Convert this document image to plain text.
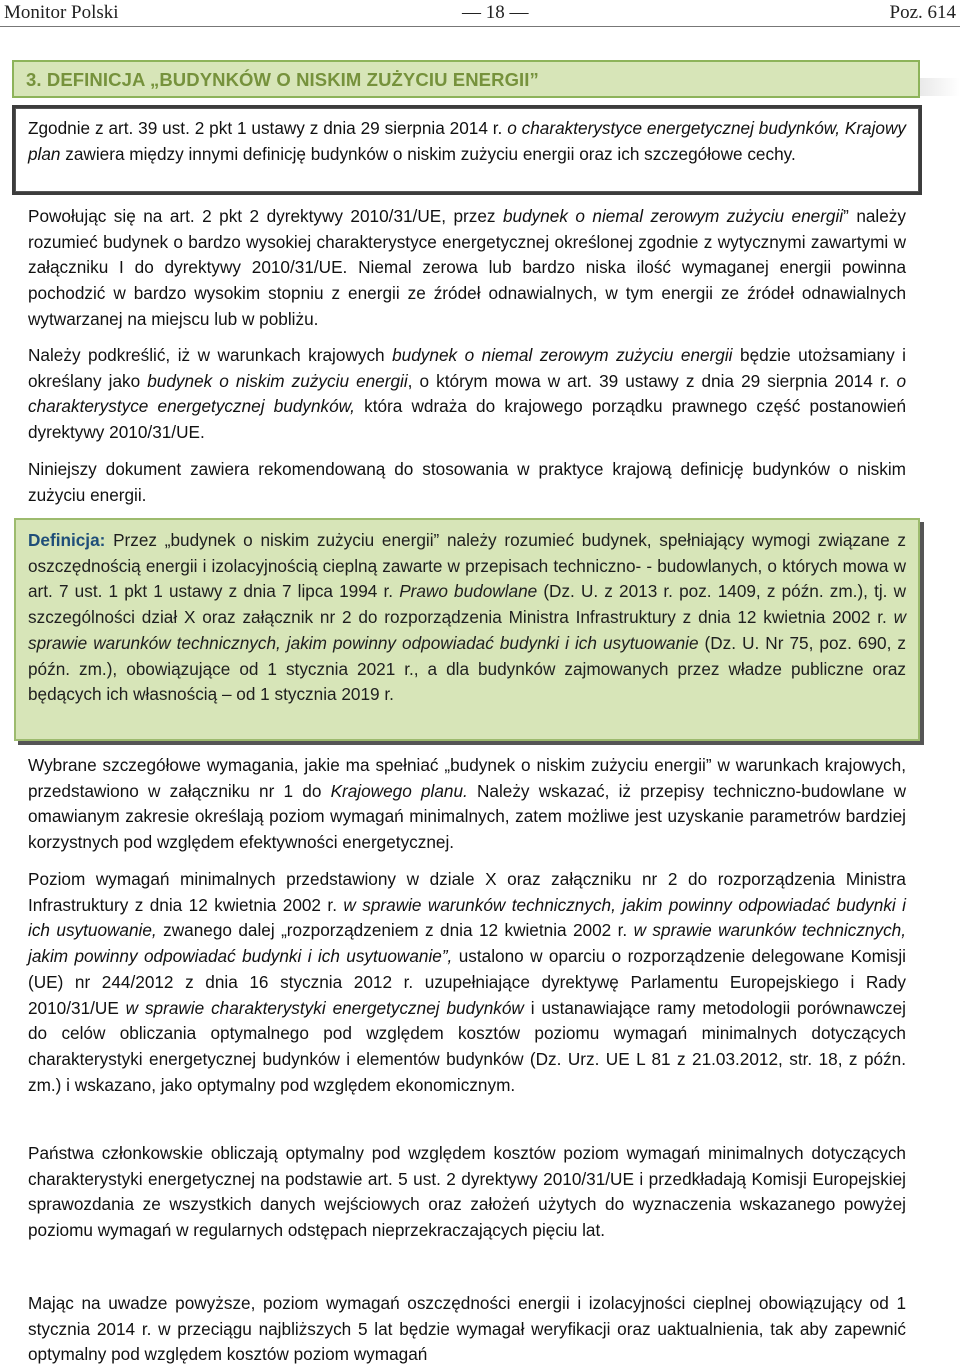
Monitor Polski	— 18 —	Poz. 614
3. DEFINICJA „BUDYNKÓW O NISKIM ZUŻYCIU ENERGII”
Zgodnie z art. 39 ust. 2 pkt 1 ustawy z dnia 29 sierpnia 2014 r. o charakterystyce energetycznej budynków, Krajowy plan zawiera między innymi definicję budynków o niskim zużyciu energii oraz ich szczegółowe cechy.
Powołując się na art. 2 pkt 2 dyrektywy 2010/31/UE, przez budynek o niemal zerowym zużyciu energii” należy rozumieć budynek o bardzo wysokiej charakterystyce energetycznej określonej zgodnie z wytycznymi zawartymi w załączniku I do dyrektywy 2010/31/UE. Niemal zerowa lub bardzo niska ilość wymaganej energii powinna pochodzić w bardzo wysokim stopniu z energii ze źródeł odnawialnych, w tym energii ze źródeł odnawialnych wytwarzanej na miejscu lub w pobliżu.
Należy podkreślić, iż w warunkach krajowych budynek o niemal zerowym zużyciu energii będzie utożsamiany i określany jako budynek o niskim zużyciu energii, o którym mowa w art. 39 ustawy z dnia 29 sierpnia 2014 r. o charakterystyce energetycznej budynków, która wdraża do krajowego porządku prawnego część postanowień dyrektywy 2010/31/UE.
Niniejszy dokument zawiera rekomendowaną do stosowania w praktyce krajową definicję budynków o niskim zużyciu energii.
Definicja: Przez „budynek o niskim zużyciu energii” należy rozumieć budynek, spełniający wymogi związane z oszczędnością energii i izolacyjnością cieplną zawarte w przepisach techniczno- - budowlanych, o których mowa w art. 7 ust. 1 pkt 1 ustawy z dnia 7 lipca 1994 r. Prawo budowlane (Dz. U. z 2013 r. poz. 1409, z późn. zm.), tj. w szczególności dział X oraz załącznik nr 2 do rozporządzenia Ministra Infrastruktury z dnia 12 kwietnia 2002 r. w sprawie warunków technicznych, jakim powinny odpowiadać budynki i ich usytuowanie (Dz. U. Nr 75, poz. 690, z późn. zm.), obowiązujące od 1 stycznia 2021 r., a dla budynków zajmowanych przez władze publiczne oraz będących ich własnością – od 1 stycznia 2019 r.
Wybrane szczegółowe wymagania, jakie ma spełniać „budynek o niskim zużyciu energii” w warunkach krajowych, przedstawiono w załączniku nr 1 do Krajowego planu. Należy wskazać, iż przepisy techniczno-budowlane w omawianym zakresie określają poziom wymagań minimalnych, zatem możliwe jest uzyskanie parametrów bardziej korzystnych pod względem efektywności energetycznej.
Poziom wymagań minimalnych przedstawiony w dziale X oraz załączniku nr 2 do rozporządzenia Ministra Infrastruktury z dnia 12 kwietnia 2002 r. w sprawie warunków technicznych, jakim powinny odpowiadać budynki i ich usytuowanie, zwanego dalej „rozporządzeniem z dnia 12 kwietnia 2002 r. w sprawie warunków technicznych, jakim powinny odpowiadać budynki i ich usytuowanie”, ustalono w oparciu o rozporządzenie delegowane Komisji (UE) nr 244/2012 z dnia 16 stycznia 2012 r. uzupełniające dyrektywę Parlamentu Europejskiego i Rady 2010/31/UE w sprawie charakterystyki energetycznej budynków i ustanawiające ramy metodologii porównawczej do celów obliczania optymalnego pod względem kosztów poziomu wymagań minimalnych dotyczących charakterystyki energetycznej budynków i elementów budynków (Dz. Urz. UE L 81 z 21.03.2012, str. 18, z późn. zm.) i wskazano, jako optymalny pod względem ekonomicznym.
Państwa członkowskie obliczają optymalny pod względem kosztów poziom wymagań minimalnych dotyczących charakterystyki energetycznej na podstawie art. 5 ust. 2 dyrektywy 2010/31/UE i przedkładają Komisji Europejskiej sprawozdania ze wszystkich danych wejściowych oraz założeń użytych do wyznaczenia wskazanego powyżej poziomu wymagań w regularnych odstępach nieprzekraczających pięciu lat.
Mając na uwadze powyższe, poziom wymagań oszczędności energii i izolacyjności cieplnej obowiązujący od 1 stycznia 2014 r. w przeciągu najbliższych 5 lat będzie wymagał weryfikacji oraz uaktualnienia, tak aby zapewnić optymalny pod względem kosztów poziom wymagań
